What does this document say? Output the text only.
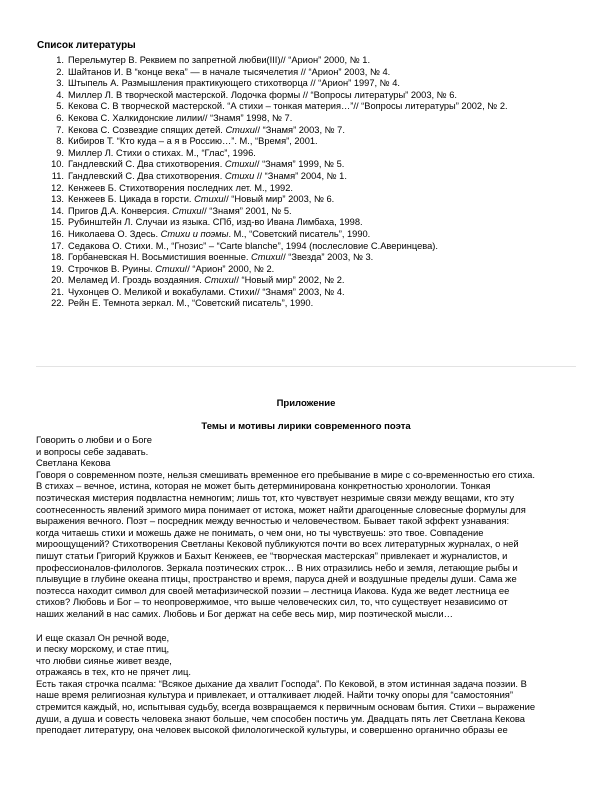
Список литературы
1. Перельмутер В. Реквием по запретной любви(III)// “Арион” 2000, № 1.
2. Шайтанов И. В “конце века” — в начале тысячелетия // “Арион” 2003, № 4.
3. Штыпель А. Размышления практикующего стихотворца // “Арион” 1997, № 4.
4. Миллер Л. В творческой мастерской. Лодочка формы // “Вопросы литературы” 2003, № 6.
5. Кекова С. В творческой мастерской. “А стихи – тонкая материя…”// “Вопросы литературы” 2002, № 2.
6. Кекова С. Халкидонские лилии// “Знамя” 1998, № 7.
7. Кекова С. Созвездие спящих детей. Стихи// “Знамя” 2003, № 7.
8. Кибиров Т. “Кто куда – а я в Россию…”. М., “Время”, 2001.
9. Миллер Л. Стихи о стихах. М., “Глас”, 1996.
10. Гандлевский С. Два стихотворения. Стихи// “Знамя” 1999, № 5.
11. Гандлевский С. Два стихотворения. Стихи // “Знамя” 2004, № 1.
12. Кенжеев Б. Стихотворения последних лет. М., 1992.
13. Кенжеев Б. Цикада в горсти. Стихи// “Новый мир” 2003, № 6.
14. Пригов Д.А. Конверсия. Стихи// “Знамя” 2001, № 5.
15. Рубинштейн Л. Случаи из языка. СПб, изд-во Ивана Лимбаха, 1998.
16. Николаева О. Здесь. Стихи и поэмы. М., “Советский писатель”, 1990.
17. Седакова О. Стихи. М., “Гнозис” – “Carte blanche”, 1994 (послесловие С.Аверинцева).
18. Горбаневская Н. Восьмистишия военные. Стихи// “Звезда” 2003, № 3.
19. Строчков В. Руины. Стихи// “Арион” 2000, № 2.
20. Меламед И. Гроздь воздаяния. Стихи// “Новый мир” 2002, № 2.
21. Чухонцев О. Меликой и вокабулами. Стихи// “Знамя” 2003, № 4.
22. Рейн Е. Темнота зеркал. М., “Советский писатель”, 1990.
Приложение
Темы и мотивы лирики современного поэта
Говорить о любви и о Боге
и вопросы себе задавать.
Светлана Кекова
Говоря о современном поэте, нельзя смешивать временное его пребывание в мире с со-временностью его стиха.
В стихах – вечное, истина, которая не может быть детерминирована конкретностью хронологии. Тонкая
поэтическая мистерия подвластна немногим; лишь тот, кто чувствует незримые связи между вещами, кто эту
соотнесенность явлений зримого мира понимает от истока, может найти драгоценные словесные формулы для
выражения вечного. Поэт – посредник между вечностью и человечеством. Бывает такой эффект узнавания:
когда читаешь стихи и можешь даже не понимать, о чем они, но ты чувствуешь: это твое. Совпадение
мироощущений? Стихотворения Светланы Кековой публикуются почти во всех литературных журналах, о ней
пишут статьи Григорий Кружков и Бахыт Кенжеев, ее “творческая мастерская” привлекает и журналистов, и
профессионалов-филологов. Зеркала поэтических строк… В них отразились небо и земля, летающие рыбы и
плывущие в глубине океана птицы, пространство и время, паруса дней и воздушные пределы души. Сама же
поэтесса находит символ для своей метафизической поэзии – лестница Иакова. Куда же ведет лестница ее
стихов? Любовь и Бог – то неопровержимое, что выше человеческих сил, то, что существует независимо от
наших желаний в нас самих. Любовь и Бог держат на себе весь мир, мир поэтической мысли…
И еще сказал Он речной воде,
и песку морскому, и стае птиц,
что любви сиянье живет везде,
отражаясь в тех, кто не прячет лиц.
Есть такая строчка псалма: “Всякое дыхание да хвалит Господа”. По Кековой, в этом истинная задача поэзии. В
наше время религиозная культура и привлекает, и отталкивает людей. Найти точку опоры для “самостояния”
стремится каждый, но, испытывая судьбу, всегда возвращаемся к первичным основам бытия. Стихи – выражение
души, а душа и совесть человека знают больше, чем способен постичь ум. Двадцать пять лет Светлана Кекова
преподает литературу, она человек высокой филологической культуры, и совершенно органично образы ее
